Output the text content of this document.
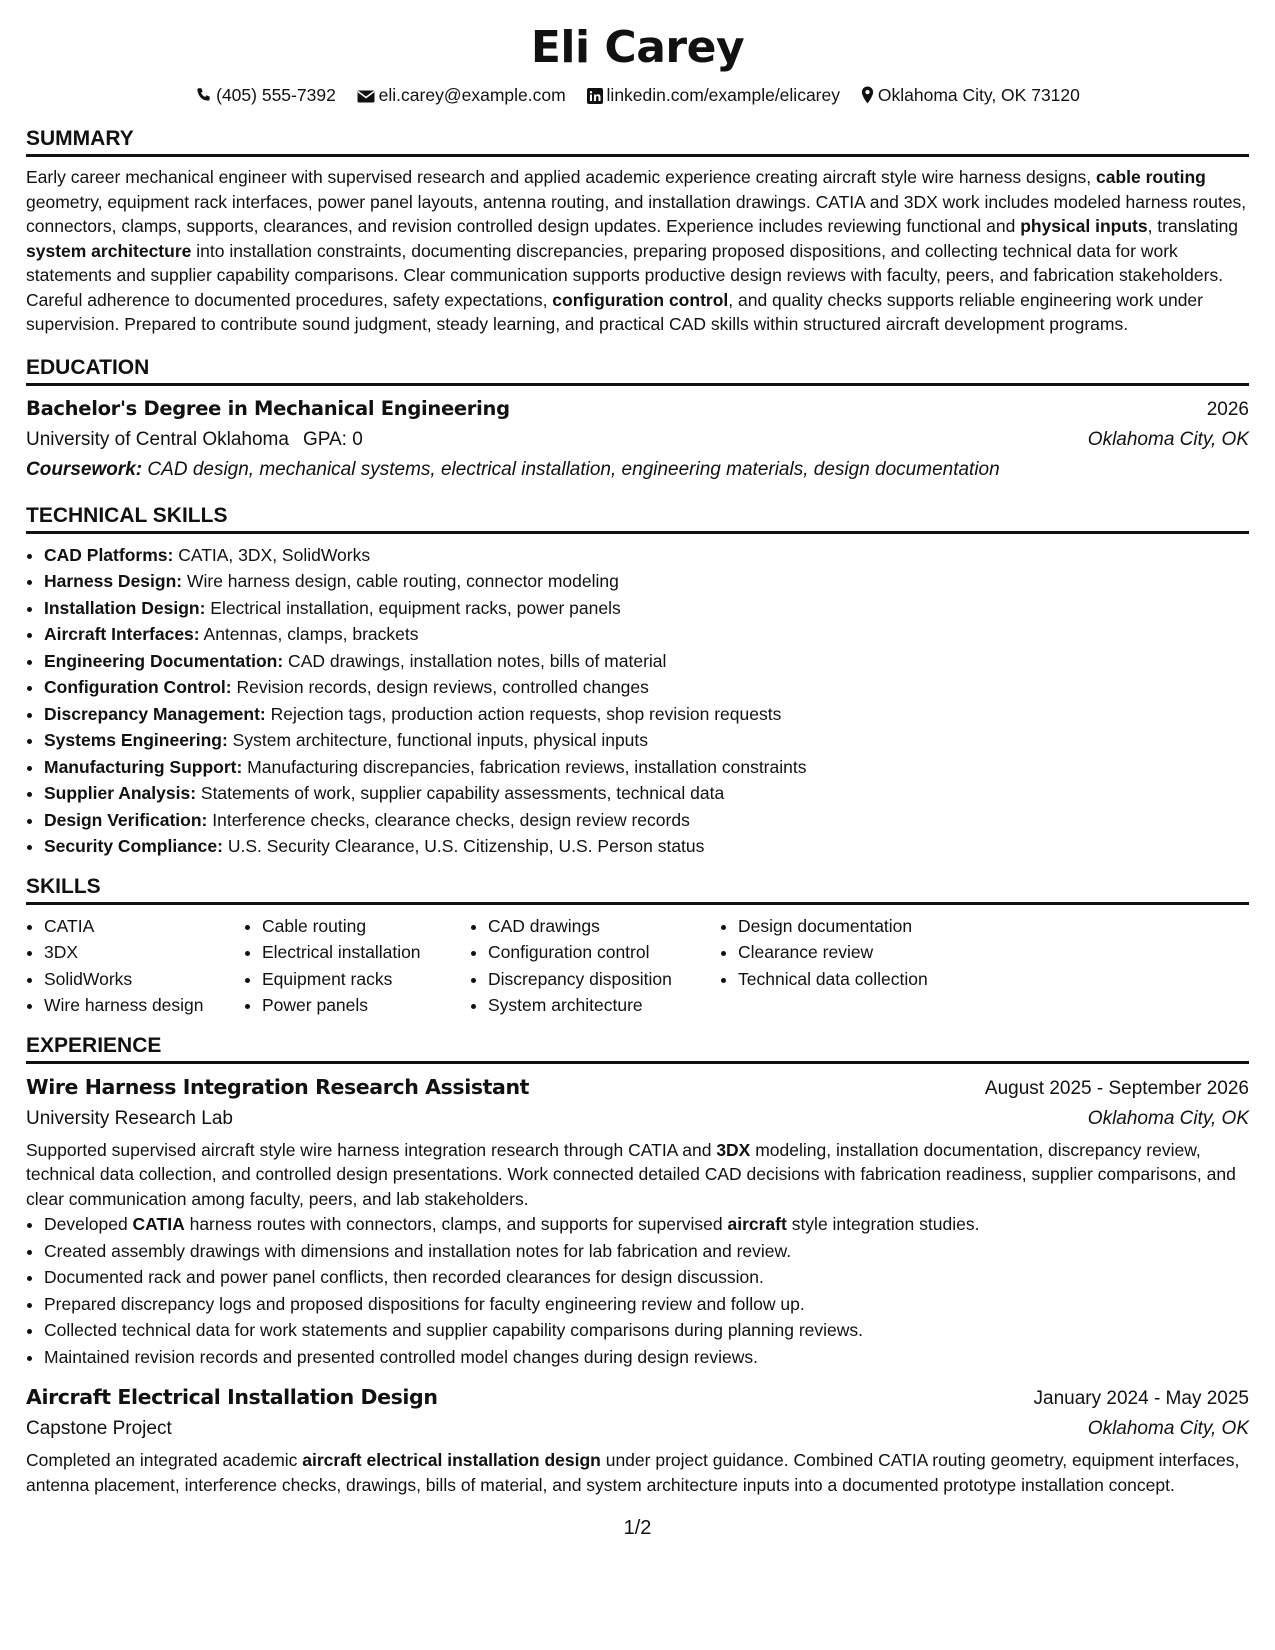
Eli Carey
(405) 555-7392 eli.carey@example.com linkedin.com/example/elicarey Oklahoma City, OK 73120
SUMMARY

Early career mechanical engineer with supervised research and applied academic experience creating aircraft style wire harness designs, cable routing geometry, equipment rack interfaces, power panel layouts, antenna routing, and installation drawings. CATIA and 3DX work includes modeled harness routes, connectors, clamps, supports, clearances, and revision controlled design updates. Experience includes reviewing functional and physical inputs, translating system architecture into installation constraints, documenting discrepancies, preparing proposed dispositions, and collecting technical data for work statements and supplier capability comparisons. Clear communication supports productive design reviews with faculty, peers, and fabrication stakeholders. Careful adherence to documented procedures, safety expectations, configuration control, and quality checks supports reliable engineering work under supervision. Prepared to contribute sound judgment, steady learning, and practical CAD skills within structured aircraft development programs.

EDUCATION
Bachelor's Degree in Mechanical Engineering	2026
University of Central Oklahoma GPA: 0	Oklahoma City, OK
Coursework: CAD design, mechanical systems, electrical installation, engineering materials, design documentation
TECHNICAL SKILLS
• CAD Platforms: CATIA, 3DX, SolidWorks
• Harness Design: Wire harness design, cable routing, connector modeling
• Installation Design: Electrical installation, equipment racks, power panels
• Aircraft Interfaces: Antennas, clamps, brackets
• Engineering Documentation: CAD drawings, installation notes, bills of material
• Configuration Control: Revision records, design reviews, controlled changes
• Discrepancy Management: Rejection tags, production action requests, shop revision requests
• Systems Engineering: System architecture, functional inputs, physical inputs
• Manufacturing Support: Manufacturing discrepancies, fabrication reviews, installation constraints
• Supplier Analysis: Statements of work, supplier capability assessments, technical data
• Design Verification: Interference checks, clearance checks, design review records
• Security Compliance: U.S. Security Clearance, U.S. Citizenship, U.S. Person status
SKILLS
• CATIA
• 3DX
• SolidWorks
• Wire harness design
• Cable routing
• Electrical installation
• Equipment racks
• Power panels
• CAD drawings
• Configuration control
• Discrepancy disposition
• System architecture
• Design documentation
• Clearance review
• Technical data collection
EXPERIENCE
Wire Harness Integration Research Assistant	August 2025 - September 2026
University Research Lab	Oklahoma City, OK

Supported supervised aircraft style wire harness integration research through CATIA and 3DX modeling, installation documentation, discrepancy review, technical data collection, and controlled design presentations. Work connected detailed CAD decisions with fabrication readiness, supplier comparisons, and clear communication among faculty, peers, and lab stakeholders.

• Developed CATIA harness routes with connectors, clamps, and supports for supervised aircraft style integration studies.
• Created assembly drawings with dimensions and installation notes for lab fabrication and review.
• Documented rack and power panel conflicts, then recorded clearances for design discussion.
• Prepared discrepancy logs and proposed dispositions for faculty engineering review and follow up.
• Collected technical data for work statements and supplier capability comparisons during planning reviews.
• Maintained revision records and presented controlled model changes during design reviews.
Aircraft Electrical Installation Design	January 2024 - May 2025
Capstone Project	Oklahoma City, OK

Completed an integrated academic aircraft electrical installation design under project guidance. Combined CATIA routing geometry, equipment interfaces, antenna placement, interference checks, drawings, bills of material, and system architecture inputs into a documented prototype installation concept.

1/2
